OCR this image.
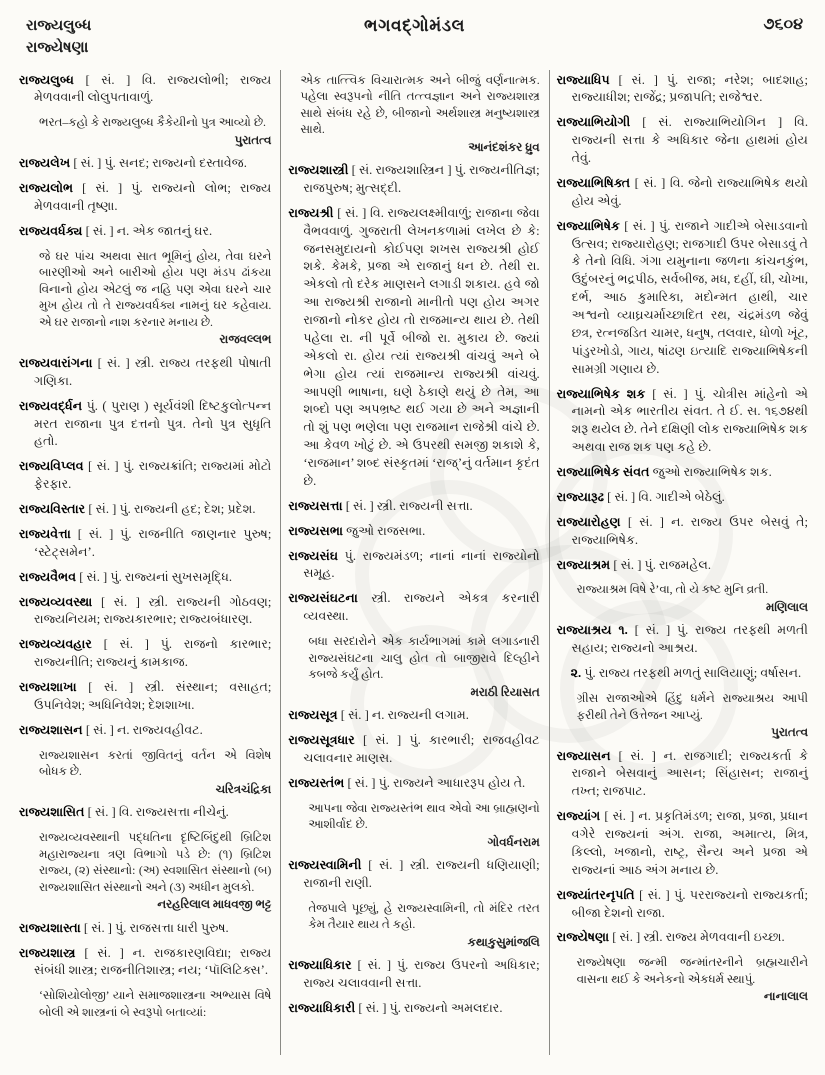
રાજ્યલુબ્ધ
રાજ્યેષણા
ભગવદ્ગોમંડલ	૭૬૦૪

રાજ્યલુબ્ધ [ સં. ] વિ. રાજ્યલોભી; રાજ્ય મેળવવાની લોલુપતાવાળું.

ભરત–કહો કે રાજ્યલુબ્ધ કૈકેયીનો પુત્ર આવ્યો છે.
પુરાતત્વ

રાજ્યલેખ [ સં. ] પું. સનદ; રાજ્યનો દસ્તાવેજ.

રાજ્યલોભ [ સં. ] પું. રાજ્યનો લોભ; રાજ્ય મેળવવાની તૃષ્ણા.

રાજ્યવર્ધક્ય [ સં. ] ન. એક જાતનું ઘર.

જે ઘર પાંચ અથવા સાત ભૂમિનું હોય, તેવા ઘરને બારણીઓ અને બારીઓ હોય પણ મંડપ ઢાંકયા વિનાનો હોય એટલું જ નહિ પણ એવા ઘરને ચાર મુખ હોય તો તે રાજ્યવર્ધક્ય નામનું ઘર કહેવાય. એ ઘર રાજાનો નાશ કરનાર મનાય છે.
રાજવલ્લભ

રાજ્યવારાંગના [ સં. ] સ્ત્રી. રાજ્ય તરફથી પોષાતી ગણિકા.

રાજ્યવર્દ્ધન પું. ( પુરાણ ) સૂર્યવંશી દિષ્ટકુલોત્પન્ન મરત રાજાના પુત્ર દત્તનો પુત્ર. તેનો પુત્ર સુધૃતિ હતો.

રાજ્યવિપ્લવ [ સં. ] પું. રાજ્યક્રાંતિ; રાજ્યમાં મોટો ફેરફાર.

રાજ્યવિસ્તાર [ સં. ] પું. રાજ્યની હદ; દેશ; પ્રદેશ.

રાજ્યવેત્તા [ સં. ] પું. રાજનીતિ જાણનાર પુરુષ; ‘સ્ટેટ્સમેન’.

રાજ્યવૈભવ [ સં. ] પું. રાજ્યનાં સુખસમૃદ્ધિ.

રાજ્યવ્યવસ્થા [ સં. ] સ્ત્રી. રાજ્યની ગોઠવણ; રાજ્યનિયમ; રાજ્યકારભાર; રાજ્યબંધારણ.

રાજ્યવ્યવહાર [ સં. ] પું. રાજનો કારભાર; રાજ્યનીતિ; રાજ્યનું કામકાજ.

રાજ્યશાખા [ સં. ] સ્ત્રી. સંસ્થાન; વસાહત; ઉપનિવેશ; અધિનિવેશ; દેશશાખા.

રાજ્યશાસન [ સં. ] ન. રાજ્યવહીવટ.

રાજ્યશાસન કરતાં જીવિતનું વર્તન એ વિશેષ બોધક છે.
ચરિત્રચંદ્રિકા

રાજ્યશાસિત [ સં. ] વિ. રાજ્યસત્તા નીચેનું.

રાજ્યવ્યવસ્થાની પદ્ધતિના દૃષ્ટિબિંદુથી બ્રિટિશ મહારાજ્યના ત્રણ વિભાગો પડે છે: (૧) બ્રિટિશ રાજ્ય, (૨) સંસ્થાનો: (અ) સ્વશાસિત સંસ્થાનો (બ) રાજ્યશાસિત સંસ્થાનો અને (૩) અધીન મુલકો.
નરહરિલાલ માધવજી ભટ્ટ

રાજ્યશાસ્તા [ સં. ] પું. રાજસત્તા ધારી પુરુષ.

રાજ્યશાસ્ત્ર [ સં. ] ન. રાજકારણવિદ્યા; રાજ્ય સંબંધી શાસ્ત્ર; રાજનીતિશાસ્ત્ર; નય; ‘પૉલિટિક્સ’.

‘સોશિયોલોજી’ યાને સમાજશાસ્ત્રના અભ્યાસ વિષે બોલી એ શાસ્ત્રનાં બે સ્વરૂપો બતાવ્યાં:
એક તાત્ત્વિક વિચારાત્મક અને બીજું વર્ણનાત્મક. પહેલા સ્વરૂપનો નીતિ તત્ત્વજ્ઞાન અને રાજ્યશાસ્ત્ર સાથે સંબંધ રહે છે, બીજાનો અર્થશાસ્ત્ર મનુષ્યશાસ્ત્ર સાથે.
આનંદશંકર ધ્રુવ

રાજ્યશાસ્ત્રી [ સં. રાજ્યશાસ્ત્રિન ] પું. રાજ્યનીતિજ્ઞ; રાજપુરુષ; મુત્સદ્દી.

રાજ્યશ્રી [ સં. ] વિ. રાજ્યલક્ષ્મીવાળું; રાજાના જેવા વૈભવવાળું. ગુજરાતી લેખનકળામાં લખેલ છે કે: જનસમુદાયનો કોઈપણ શખસ રાજ્યશ્રી હોઈ શકે. કેમકે, પ્રજા એ રાજાનું ધન છે. તેથી રા. એકલો તો દરેક માણસને લગાડી શકાય. હવે જો આ રાજ્યશ્રી રાજાનો માનીતો પણ હોય અગર રાજાનો નોકર હોય તો રાજમાન્ય થાય છે. તેથી પહેલા રા. ની પૂર્વે બીજો રા. મુકાય છે. જ્યાં એકલો રા. હોય ત્યાં રાજ્યશ્રી વાંચવું અને બે ભેગા હોય ત્યાં રાજમાન્ય રાજ્યશ્રી વાંચવું. આપણી ભાષાના, ઘણે ઠેકાણે થયું છે તેમ, આ શબ્દો પણ અપભ્રષ્ટ થઈ ગયા છે અને અજ્ઞાની તો શું પણ ભણેલા પણ રાજમાન રાજેશ્રી વાંચે છે. આ કેવળ ખોટું છે. એ ઉપરથી સમજી શકાશે કે, ‘રાજમાન’ શબ્દ સંસ્કૃતમાં ‘રાજ્’નું વર્તમાન કૃદંત છે.

રાજ્યસત્તા [ સં. ] સ્ત્રી. રાજ્યની સત્તા.

રાજ્યસભા જુઓ રાજસભા.

રાજ્યસંઘ પું. રાજ્યમંડળ; નાનાં નાનાં રાજ્યોનો સમૂહ.

રાજ્યસંઘટના સ્ત્રી. રાજ્યને એકત્ર કરનારી વ્યવસ્થા.

બધા સરદારોને એક કાર્યભાગમાં કામે લગાડનારી રાજ્યસંઘટના ચાલુ હોત તો બાજીરાવે દિલ્હીને કબજે કર્યું હોત.
મરાઠી રિયાસત

રાજ્યસૂત્ર [ સં. ] ન. રાજ્યની લગામ.

રાજ્યસૂત્રધાર [ સં. ] પું. કારભારી; રાજવહીવટ ચલાવનાર માણસ.

રાજ્યસ્તંભ [ સં. ] પું. રાજ્યને આધારરૂપ હોય તે.

આપના જેવા રાજ્યસ્તંભ થાવ એવો આ બ્રાહ્મણનો આશીર્વાદ છે.
ગોવર્ધનરામ

રાજ્યસ્વામિની [ સં. ] સ્ત્રી. રાજ્યની ધણિયાણી; રાજાની રાણી.

તેજપાલે પૂછ્યું, હે રાજ્યસ્વામિની, તો મંદિર તરત કેમ તૈયાર થાય તે કહો.
કથાકુસુમાંજલિ

રાજ્યાધિકાર [ સં. ] પું. રાજ્ય ઉપરનો અધિકાર; રાજ્ય ચલાવવાની સત્તા.

રાજ્યાધિકારી [ સં. ] પું. રાજ્યનો અમલદાર.

રાજ્યાધિપ [ સં. ] પું. રાજા; નરેશ; બાદશાહ; રાજ્યાધીશ; રાજેંદ્ર; પ્રજાપતિ; રાજેશ્વર.

રાજ્યાભિયોગી [ સં. રાજ્યાભિયોગિન ] વિ. રાજ્યની સત્તા કે અધિકાર જેના હાથમાં હોય તેવું.

રાજ્યાભિષિક્ત [ સં. ] વિ. જેનો રાજ્યાભિષેક થયો હોય એવું.

રાજ્યાભિષેક [ સં. ] પું. રાજાને ગાદીએ બેસાડવાનો ઉત્સવ; રાજ્યારોહણ; રાજગાદી ઉપર બેસાડવું તે કે તેનો વિધિ. ગંગા યમુનાના જળના કાંચનકુંભ, ઉદુંબરનું ભદ્રપીઠ, સર્વબીજ, મધ, દહીં, ઘી, ચોખા, દર્ભ, આઠ કુમારિકા, મદોન્મત હાથી, ચાર અશ્વનો વ્યાઘ્રચર્માચ્છાદિત રથ, ચંદ્રમંડળ જેવું છત્ર, રત્નજડિત ચામર, ધનુષ, તલવાર, ધોળો ખૂંટ, પાંડુરખોડો, ગાય, ષાંઢણ ઇત્યાદિ રાજ્યાભિષેકની સામગ્રી ગણાય છે.

રાજ્યાભિષેક શક [ સં. ] પું. ચોત્રીસ માંહેનો એ નામનો એક ભારતીય સંવત. તે ઈ. સ. ૧૬૭૪થી શરૂ થયેલ છે. તેને દક્ષિણી લોક રાજ્યાભિષેક શક અથવા રાજ શક પણ કહે છે.

રાજ્યાભિષેક સંવત જુઓ રાજ્યાભિષેક શક.

રાજ્યારૂઢ [ સં. ] વિ. ગાદીએ બેઠેલું.

રાજ્યારોહણ [ સં. ] ન. રાજ્ય ઉપર બેસવું તે; રાજ્યાભિષેક.

રાજ્યાશ્રમ [ સં. ] પું. રાજમહેલ.

રાજ્યાશ્રમ વિષે રે’વા, તો યે કષ્ટ મુનિ વ્રતી.
મણિલાલ

રાજ્યાશ્રય ૧. [ સં. ] પું. રાજ્ય તરફથી મળતી સહાય; રાજ્યનો આશ્રય.

૨. પું. રાજ્ય તરફથી મળતું સાલિયાણું; વર્ષાસન.

ગ્રીસ રાજાઓએ હિંદુ ધર્મને રાજ્યાશ્રય આપી ફરીથી તેને ઉત્તેજન આપ્યું.
પુરાતત્વ

રાજ્યાસન [ સં. ] ન. રાજગાદી; રાજ્યકર્તા કે રાજાને બેસવાનું આસન; સિંહાસન; રાજાનું તખ્ત; રાજપાટ.

રાજ્યાંગ [ સં. ] ન. પ્રકૃતિમંડળ; રાજા, પ્રજા, પ્રધાન વગેરે રાજ્યનાં અંગ. રાજા, અમાત્ય, મિત્ર, કિલ્લો, ખજાનો, રાષ્ટ્ર, સૈન્ય અને પ્રજા એ રાજ્યનાં આઠ અંગ મનાય છે.

રાજ્યાંતરનૃપતિ [ સં. ] પું. પરરાજ્યનો રાજ્યકર્તા; બીજા દેશનો રાજા.

રાજ્યેષણા [ સં. ] સ્ત્રી. રાજ્ય મેળવવાની ઇચ્છા.

રાજ્યેષણા જન્મી જન્માંતરનીને બ્રહ્મચારીને વાસના થઈ કે અનેકનો એકધર્મ સ્થાપું.
નાનાલાલ
